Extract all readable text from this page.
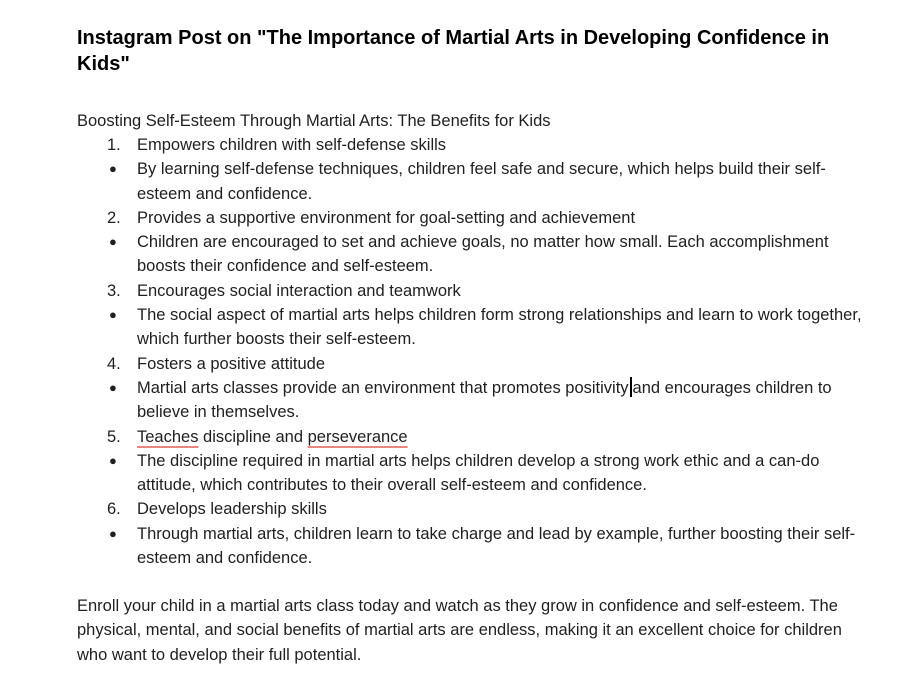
Instagram Post on "The Importance of Martial Arts in Developing Confidence in Kids"

Boosting Self-Esteem Through Martial Arts: The Benefits for Kids

1. Empowers children with self-defense skills
●	By learning self-defense techniques, children feel safe and secure, which helps build their self-esteem and confidence.
2. Provides a supportive environment for goal-setting and achievement
●	Children are encouraged to set and achieve goals, no matter how small. Each accomplishment boosts their confidence and self-esteem.
3. Encourages social interaction and teamwork
●	The social aspect of martial arts helps children form strong relationships and learn to work together, which further boosts their self-esteem.
4. Fosters a positive attitude
●	Martial arts classes provide an environment that promotes positivity and encourages children to believe in themselves.
5. Teaches discipline and perseverance
●	The discipline required in martial arts helps children develop a strong work ethic and a can-do attitude, which contributes to their overall self-esteem and confidence.
6. Develops leadership skills
●	Through martial arts, children learn to take charge and lead by example, further boosting their self-esteem and confidence.

Enroll your child in a martial arts class today and watch as they grow in confidence and self-esteem. The physical, mental, and social benefits of martial arts are endless, making it an excellent choice for children who want to develop their full potential.
